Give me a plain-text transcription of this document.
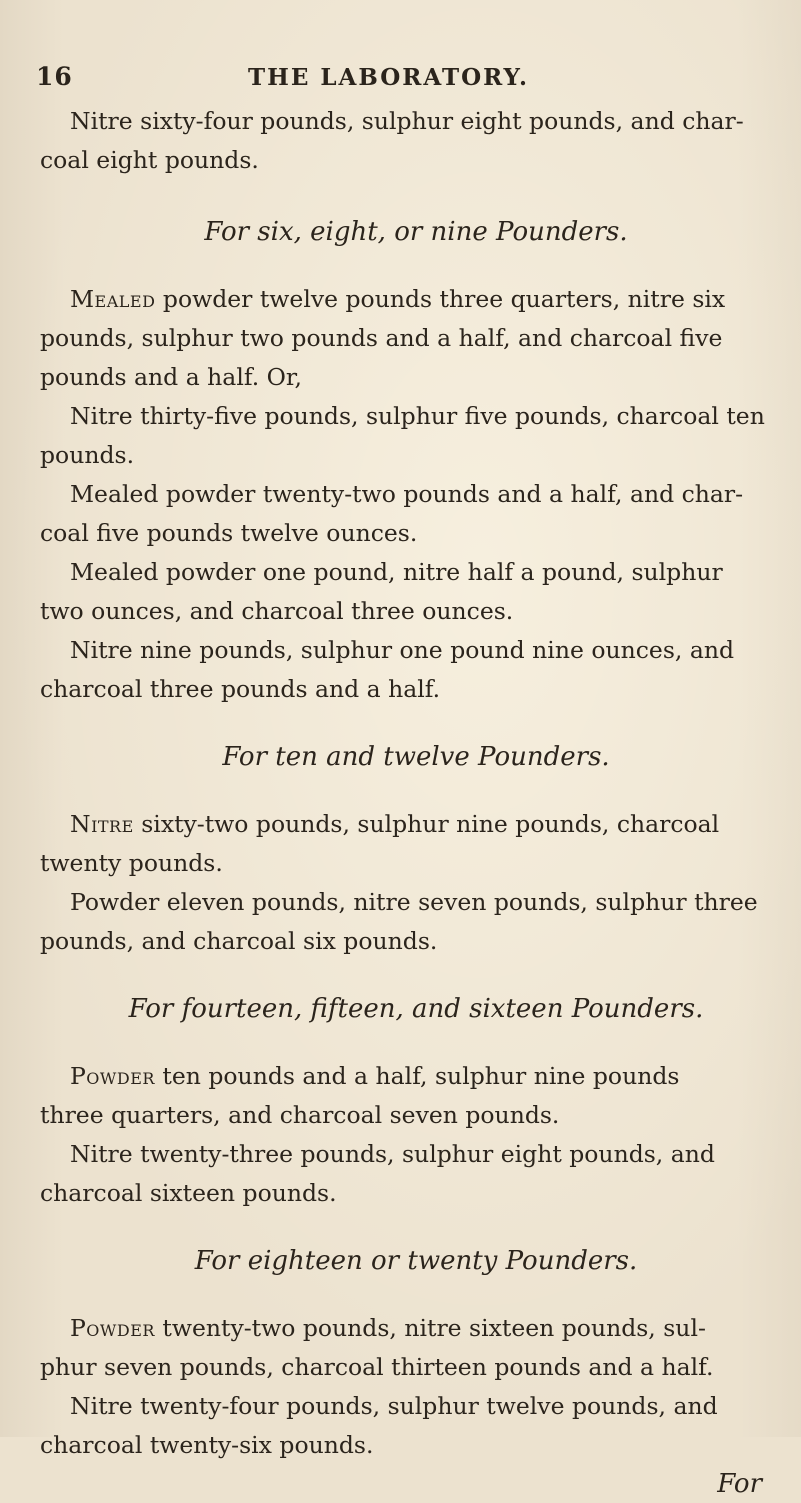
16	THE LABORATORY.

Nitre sixty-four pounds, sulphur eight pounds, and char-
coal eight pounds.

For six, eight, or nine Pounders.

Mealed powder twelve pounds three quarters, nitre six
pounds, sulphur two pounds and a half, and charcoal five
pounds and a half. Or,

Nitre thirty-five pounds, sulphur five pounds, charcoal ten
pounds.

Mealed powder twenty-two pounds and a half, and char-
coal five pounds twelve ounces.

Mealed powder one pound, nitre half a pound, sulphur
two ounces, and charcoal three ounces.

Nitre nine pounds, sulphur one pound nine ounces, and
charcoal three pounds and a half.

For ten and twelve Pounders.

Nitre sixty-two pounds, sulphur nine pounds, charcoal
twenty pounds.

Powder eleven pounds, nitre seven pounds, sulphur three
pounds, and charcoal six pounds.

For fourteen, fifteen, and sixteen Pounders.

Powder ten pounds and a half, sulphur nine pounds
three quarters, and charcoal seven pounds.

Nitre twenty-three pounds, sulphur eight pounds, and
charcoal sixteen pounds.

For eighteen or twenty Pounders.

Powder twenty-two pounds, nitre sixteen pounds, sul-
phur seven pounds, charcoal thirteen pounds and a half.

Nitre twenty-four pounds, sulphur twelve pounds, and
charcoal twenty-six pounds.

For
